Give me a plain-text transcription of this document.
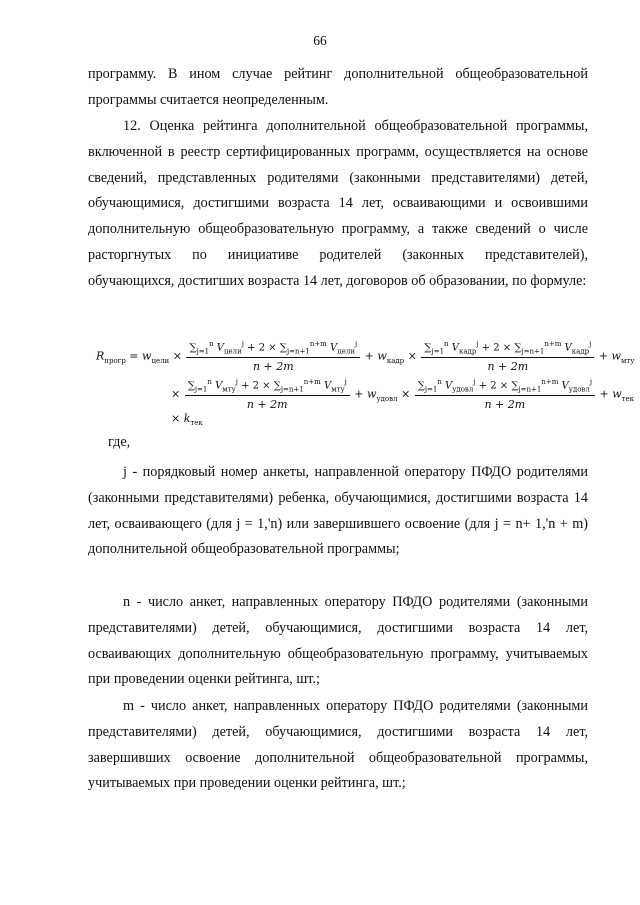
66

программу. В ином случае рейтинг дополнительной общеобразовательной программы считается неопределенным.

12. Оценка рейтинга дополнительной общеобразовательной программы, включенной в реестр сертифицированных программ, осуществляется на основе сведений, представленных родителями (законными представителями) детей, обучающимися, достигшими возраста 14 лет, осваивающими и освоившими дополнительную общеобразовательную программу, а также сведений о числе расторгнутых по инициативе родителей (законных представителей), обучающихся, достигших возраста 14 лет, договоров об образовании, по формуле:

$R_{прогр} = w_{цели} \times \frac{\sum_{j=1}^n V_{цели}^j + 2 \times \sum_{j=n+1}^{n+m} V_{цели}^j}{n + 2m} + w_{кадр} \times \frac{\sum_{j=1}^n V_{кадр}^j + 2 \times \sum_{j=n+1}^{n+m} V_{кадр}^j}{n + 2m} + w_{мту}$
× $\frac{\sum_{j=1}^n V_{мту}^j + 2 \times \sum_{j=n+1}^{n+m} V_{мту}^j}{n + 2m} + w_{удовл} \times \frac{\sum_{j=1}^n V_{удовл}^j + 2 \times \sum_{j=n+1}^{n+m} V_{удовл}^j}{n + 2m} + w_{тек}$
× $k_{тек}$
где,

j - порядковый номер анкеты, направленной оператору ПФДО родителями (законными представителями) ребенка, обучающимися, достигшими возраста 14 лет, осваивающего (для j = 1,'n) или завершившего освоение (для j = n+ 1,'n + m) дополнительной общеобразовательной программы;

n - число анкет, направленных оператору ПФДО родителями (законными представителями) детей, обучающимися, достигшими возраста 14 лет, осваивающих дополнительную общеобразовательную программу, учитываемых при проведении оценки рейтинга, шт.;

m - число анкет, направленных оператору ПФДО родителями (законными представителями) детей, обучающимися, достигшими возраста 14 лет, завершивших освоение дополнительной общеобразовательной программы, учитываемых при проведении оценки рейтинга, шт.;
